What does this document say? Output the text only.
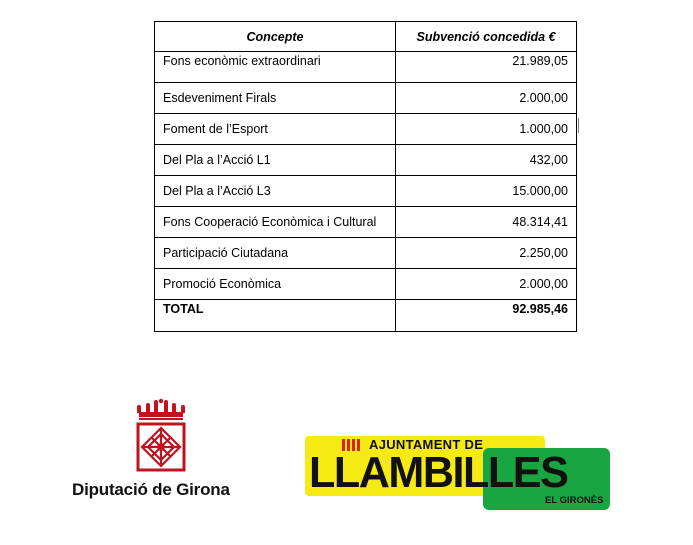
Concepte	Subvenció concedida €
Fons econòmic extraordinari	21.989,05
Esdeveniment Firals	2.000,00
Foment de l’Esport	1.000,00
Del Pla a l’Acció L1	432,00
Del Pla a l’Acció L3	15.000,00
Fons Cooperació Econòmica i Cultural	48.314,41
Participació Ciutadana	2.250,00
Promoció Econòmica	2.000,00
TOTAL	92.985,46
Diputació de Girona
AJUNTAMENT DE
LLAMBILLES
EL GIRONÈS
